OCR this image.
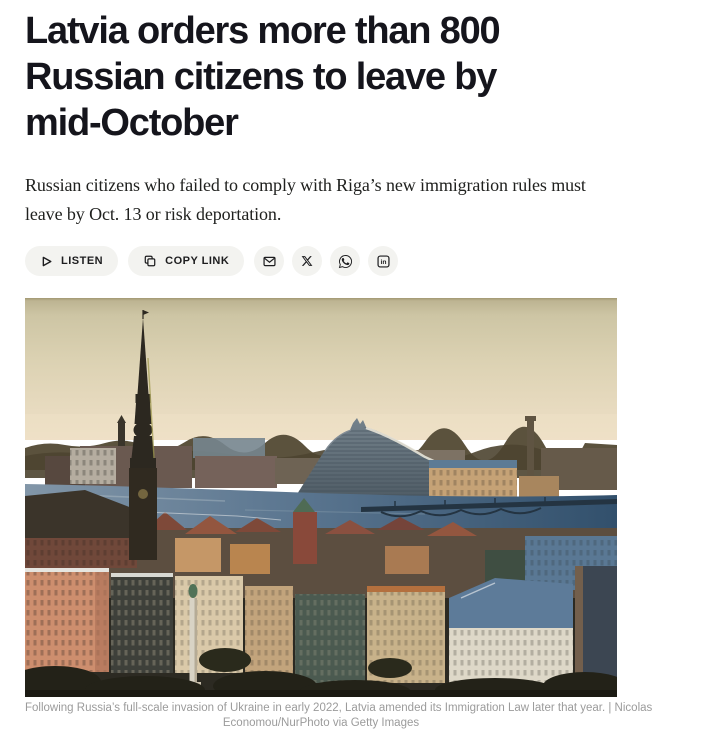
Latvia orders more than 800
Russian citizens to leave by
mid-October

Russian citizens who failed to comply with Riga’s new immigration rules must
leave by Oct. 13 or risk deportation.

LISTEN	COPY LINK	in
Following Russia’s full-scale invasion of Ukraine in early 2022, Latvia amended its Immigration Law later that year. | Nicolas
Economou/NurPhoto via Getty Images
